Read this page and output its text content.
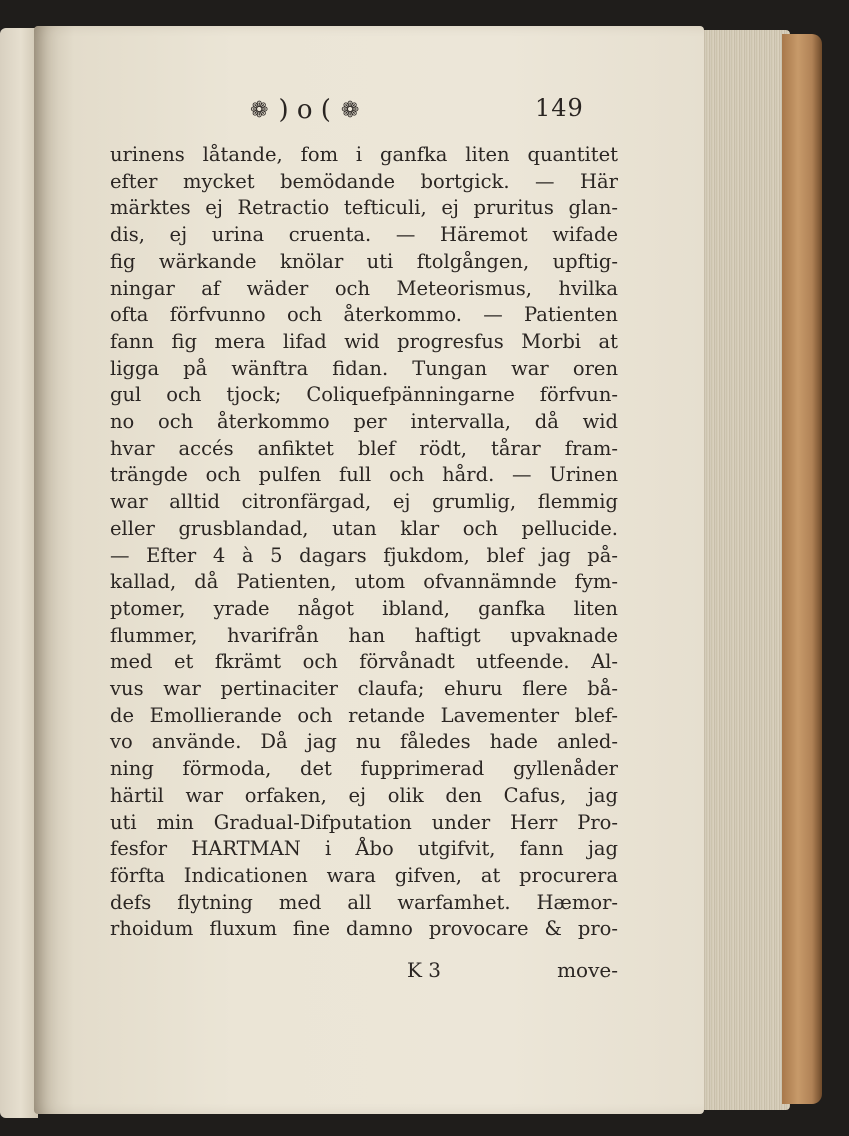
❁ ) o ( ❁	149
urinens låtande, fom i ganfka liten quantitet
efter mycket bemödande bortgick. — Här
märktes ej Retractio tefticuli, ej pruritus glan-
dis, ej urina cruenta. — Häremot wifade
fig wärkande knölar uti ftolgången, upftig-
ningar af wäder och Meteorismus, hvilka
ofta förfvunno och återkommo. — Patienten
fann fig mera lifad wid progresfus Morbi at
ligga på wänftra fidan. Tungan war oren
gul och tjock; Coliquefpänningarne förfvun-
no och återkommo per intervalla, då wid
hvar accés anfiktet blef rödt, tårar fram-
trängde och pulfen full och hård. — Urinen
war alltid citronfärgad, ej grumlig, flemmig
eller grusblandad, utan klar och pellucide.
— Efter 4 à 5 dagars fjukdom, blef jag på-
kallad, då Patienten, utom ofvannämnde fym-
ptomer, yrade något ibland, ganfka liten
flummer, hvarifrån han haftigt upvaknade
med et fkrämt och förvånadt utfeende. Al-
vus war pertinaciter claufa; ehuru flere bå-
de Emollierande och retande Lavementer blef-
vo använde. Då jag nu fåledes hade anled-
ning förmoda, det fupprimerad gyllenåder
härtil war orfaken, ej olik den Cafus, jag
uti min Gradual-Difputation under Herr Pro-
fesfor HARTMAN i Åbo utgifvit, fann jag
förfta Indicationen wara gifven, at procurera
defs flytning med all warfamhet. Hæmor-
rhoidum fluxum fine damno provocare & pro-
K 3	move-
